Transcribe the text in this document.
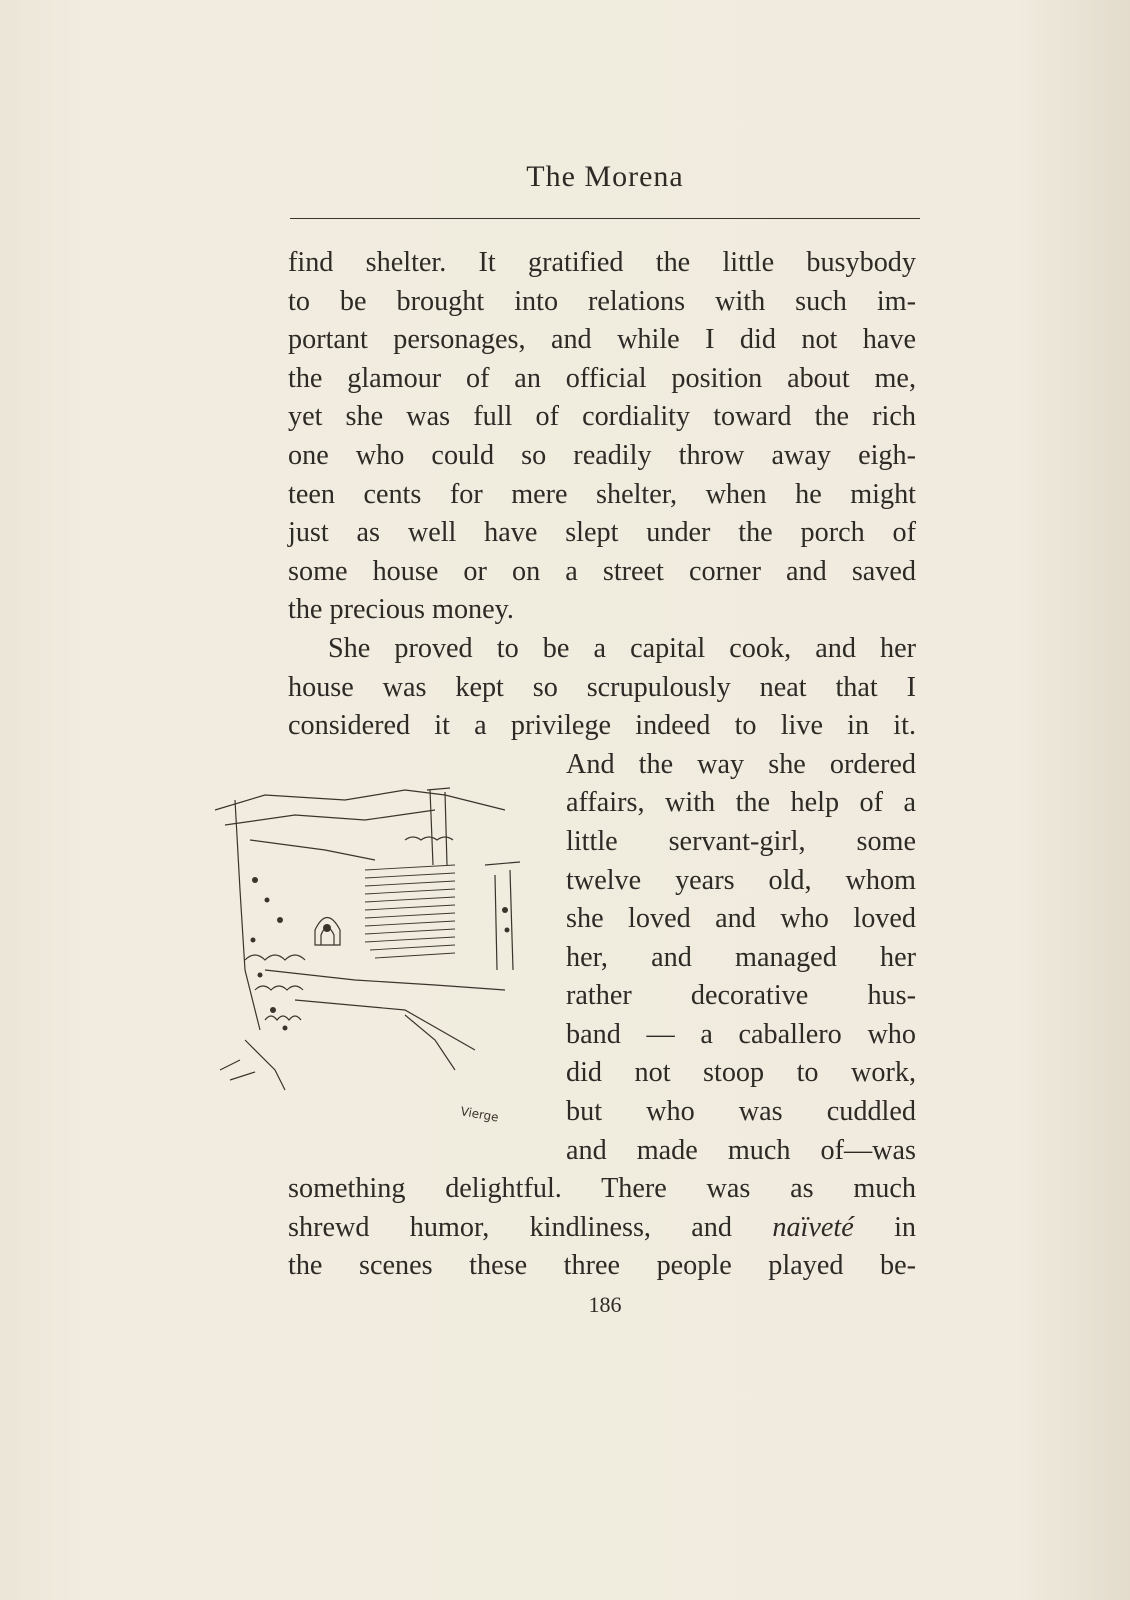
The Morena
find shelter. It gratified the little busybody
to be brought into relations with such im-
portant personages, and while I did not have
the glamour of an official position about me,
yet she was full of cordiality toward the rich
one who could so readily throw away eigh-
teen cents for mere shelter, when he might
just as well have slept under the porch of
some house or on a street corner and saved
the precious money.
She proved to be a capital cook, and her
house was kept so scrupulously neat that I
considered it a privilege indeed to live in it.
And the way she ordered
affairs, with the help of a
little servant-girl, some
twelve years old, whom
she loved and who loved
her, and managed her
rather decorative hus-
band — a caballero who
did not stoop to work,
but who was cuddled
and made much of—was
something delightful. There was as much
shrewd humor, kindliness, and naïveté in
the scenes these three people played be-
Vierge
186
